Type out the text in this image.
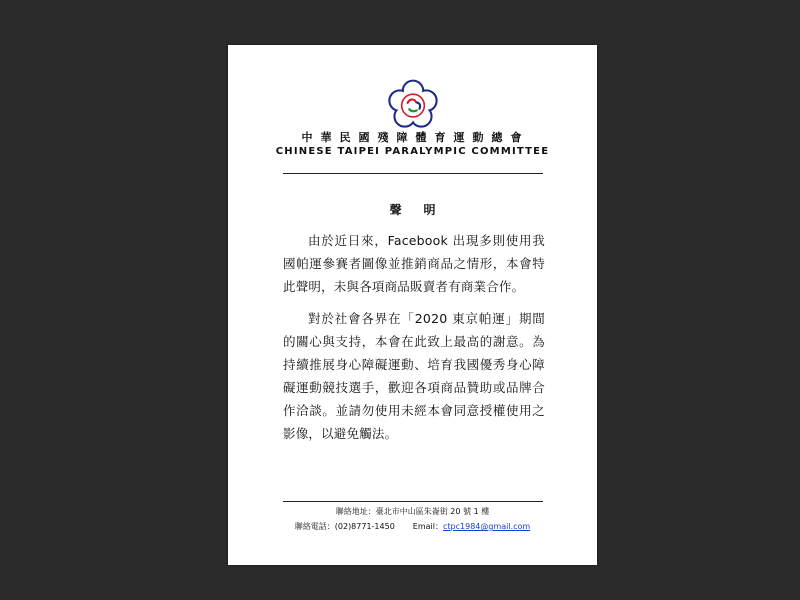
中華民國殘障體育運動總會
CHINESE TAIPEI PARALYMPIC COMMITTEE
聲 明
由於近日來，Facebook 出現多則使用我國帕運參賽者圖像並推銷商品之情形，本會特此聲明，未與各項商品販賣者有商業合作。
對於社會各界在「2020 東京帕運」期間的關心與支持，本會在此致上最高的謝意。為持續推展身心障礙運動、培育我國優秀身心障礙運動競技選手，歡迎各項商品贊助或品牌合作洽談。並請勿使用未經本會同意授權使用之影像，以避免觸法。
聯絡地址：臺北市中山區朱崙街 20 號 1 樓
聯絡電話：(02)8771-1450 Email：ctpc1984@gmail.com
